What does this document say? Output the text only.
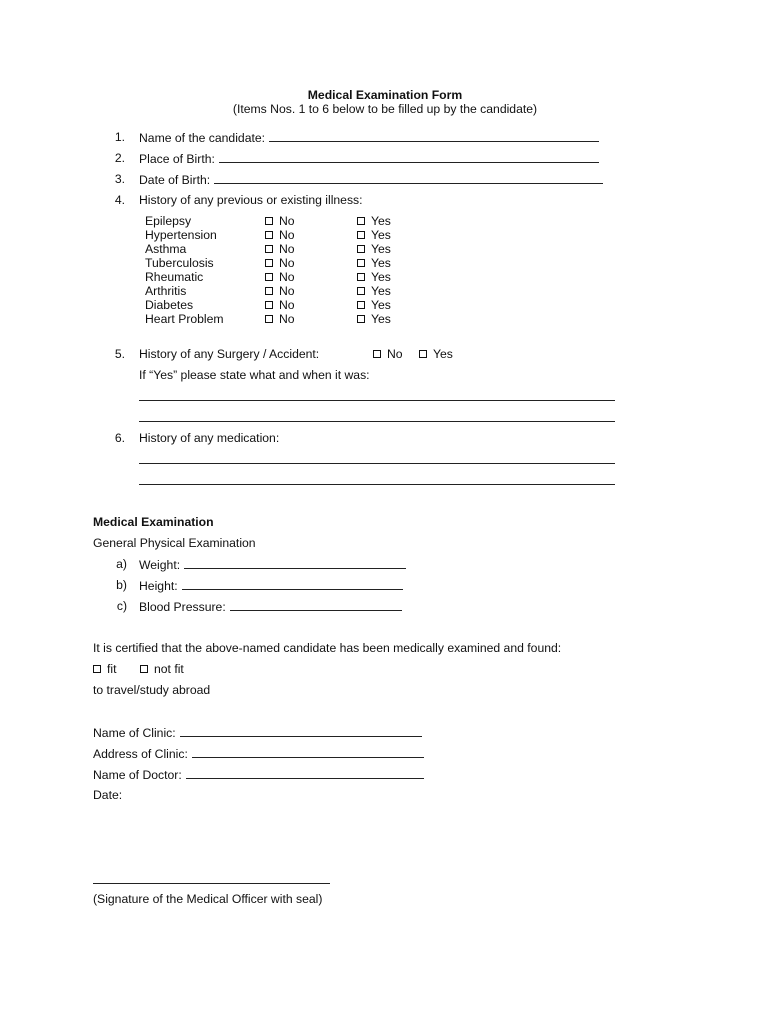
Medical Examination Form
(Items Nos. 1 to 6 below to be filled up by the candidate)
1. Name of the candidate:
2. Place of Birth:
3. Date of Birth:
4. History of any previous or existing illness:
Epilepsy	No	Yes
Hypertension	No	Yes
Asthma	No	Yes
Tuberculosis	No	Yes
Rheumatic	No	Yes
Arthritis	No	Yes
Diabetes	No	Yes
Heart Problem	No	Yes
5. History of any Surgery / Accident:	No	Yes
If “Yes” please state what and when it was:
6. History of any medication:
Medical Examination
General Physical Examination
a) Weight:
b) Height:
c) Blood Pressure:
It is certified that the above-named candidate has been medically examined and found:
fit	not fit
to travel/study abroad
Name of Clinic:
Address of Clinic:
Name of Doctor:
Date:
(Signature of the Medical Officer with seal)
